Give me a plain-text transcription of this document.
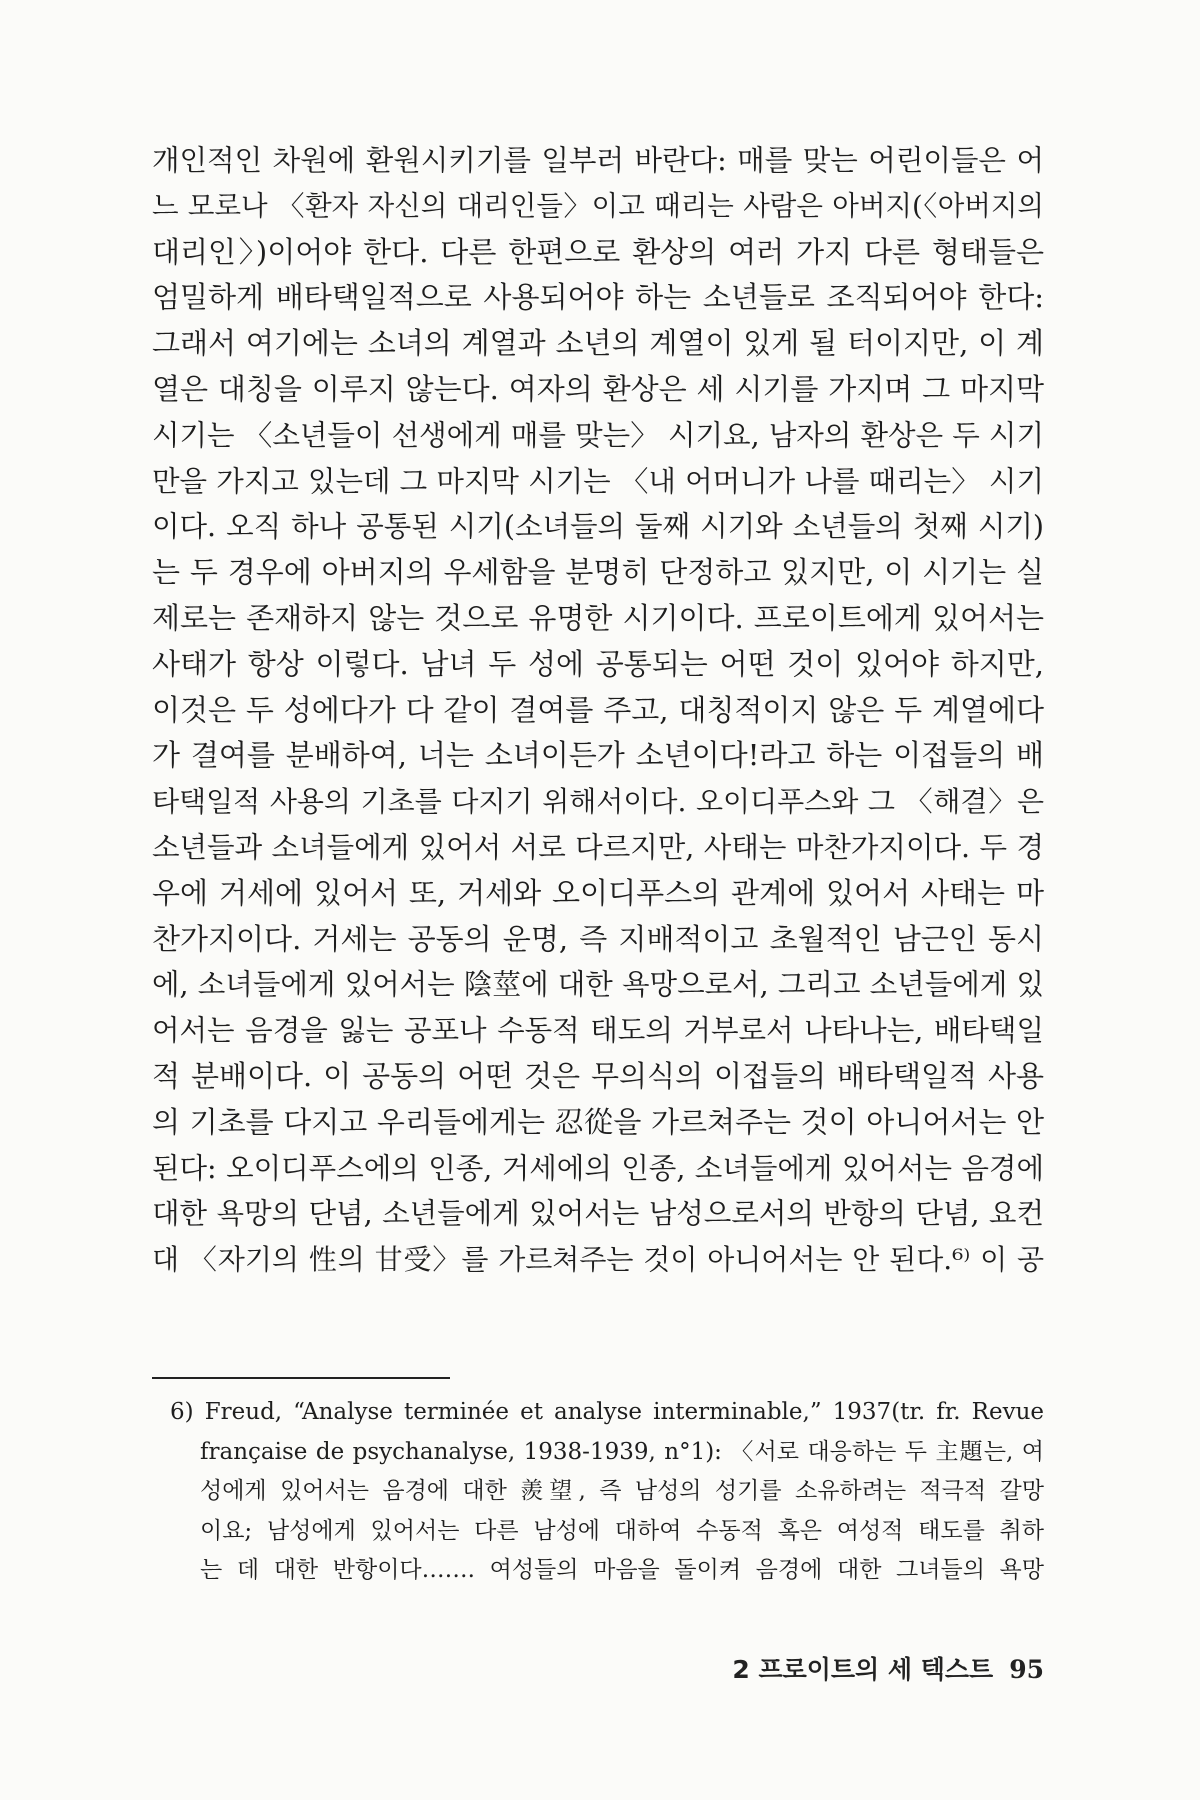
개인적인 차원에 환원시키기를 일부러 바란다: 매를 맞는 어린이들은 어
느 모로나 〈환자 자신의 대리인들〉이고 때리는 사람은 아버지(〈아버지의
대리인〉)이어야 한다. 다른 한편으로 환상의 여러 가지 다른 형태들은
엄밀하게 배타택일적으로 사용되어야 하는 소년들로 조직되어야 한다:
그래서 여기에는 소녀의 계열과 소년의 계열이 있게 될 터이지만, 이 계
열은 대칭을 이루지 않는다. 여자의 환상은 세 시기를 가지며 그 마지막
시기는 〈소년들이 선생에게 매를 맞는〉 시기요, 남자의 환상은 두 시기
만을 가지고 있는데 그 마지막 시기는 〈내 어머니가 나를 때리는〉 시기
이다. 오직 하나 공통된 시기(소녀들의 둘째 시기와 소년들의 첫째 시기)
는 두 경우에 아버지의 우세함을 분명히 단정하고 있지만, 이 시기는 실
제로는 존재하지 않는 것으로 유명한 시기이다. 프로이트에게 있어서는
사태가 항상 이렇다. 남녀 두 성에 공통되는 어떤 것이 있어야 하지만,
이것은 두 성에다가 다 같이 결여를 주고, 대칭적이지 않은 두 계열에다
가 결여를 분배하여, 너는 소녀이든가 소년이다!라고 하는 이접들의 배
타택일적 사용의 기초를 다지기 위해서이다. 오이디푸스와 그 〈해결〉은
소년들과 소녀들에게 있어서 서로 다르지만, 사태는 마찬가지이다. 두 경
우에 거세에 있어서 또, 거세와 오이디푸스의 관계에 있어서 사태는 마
찬가지이다. 거세는 공동의 운명, 즉 지배적이고 초월적인 남근인 동시
에, 소녀들에게 있어서는 陰莖에 대한 욕망으로서, 그리고 소년들에게 있
어서는 음경을 잃는 공포나 수동적 태도의 거부로서 나타나는, 배타택일
적 분배이다. 이 공동의 어떤 것은 무의식의 이접들의 배타택일적 사용
의 기초를 다지고 우리들에게는 忍從을 가르쳐주는 것이 아니어서는 안
된다: 오이디푸스에의 인종, 거세에의 인종, 소녀들에게 있어서는 음경에
대한 욕망의 단념, 소년들에게 있어서는 남성으로서의 반항의 단념, 요컨
대 〈자기의 性의 甘受〉를 가르쳐주는 것이 아니어서는 안 된다.⁶⁾ 이 공
6) Freud, “Analyse terminée et analyse interminable,” 1937(tr. fr. Revue
française de psychanalyse, 1938-1939, n°1): 〈서로 대응하는 두 主題는, 여
성에게 있어서는 음경에 대한 羨望, 즉 남성의 성기를 소유하려는 적극적 갈망
이요; 남성에게 있어서는 다른 남성에 대하여 수동적 혹은 여성적 태도를 취하
는 데 대한 반항이다……. 여성들의 마음을 돌이켜 음경에 대한 그녀들의 욕망
2 프로이트의 세 텍스트 95
